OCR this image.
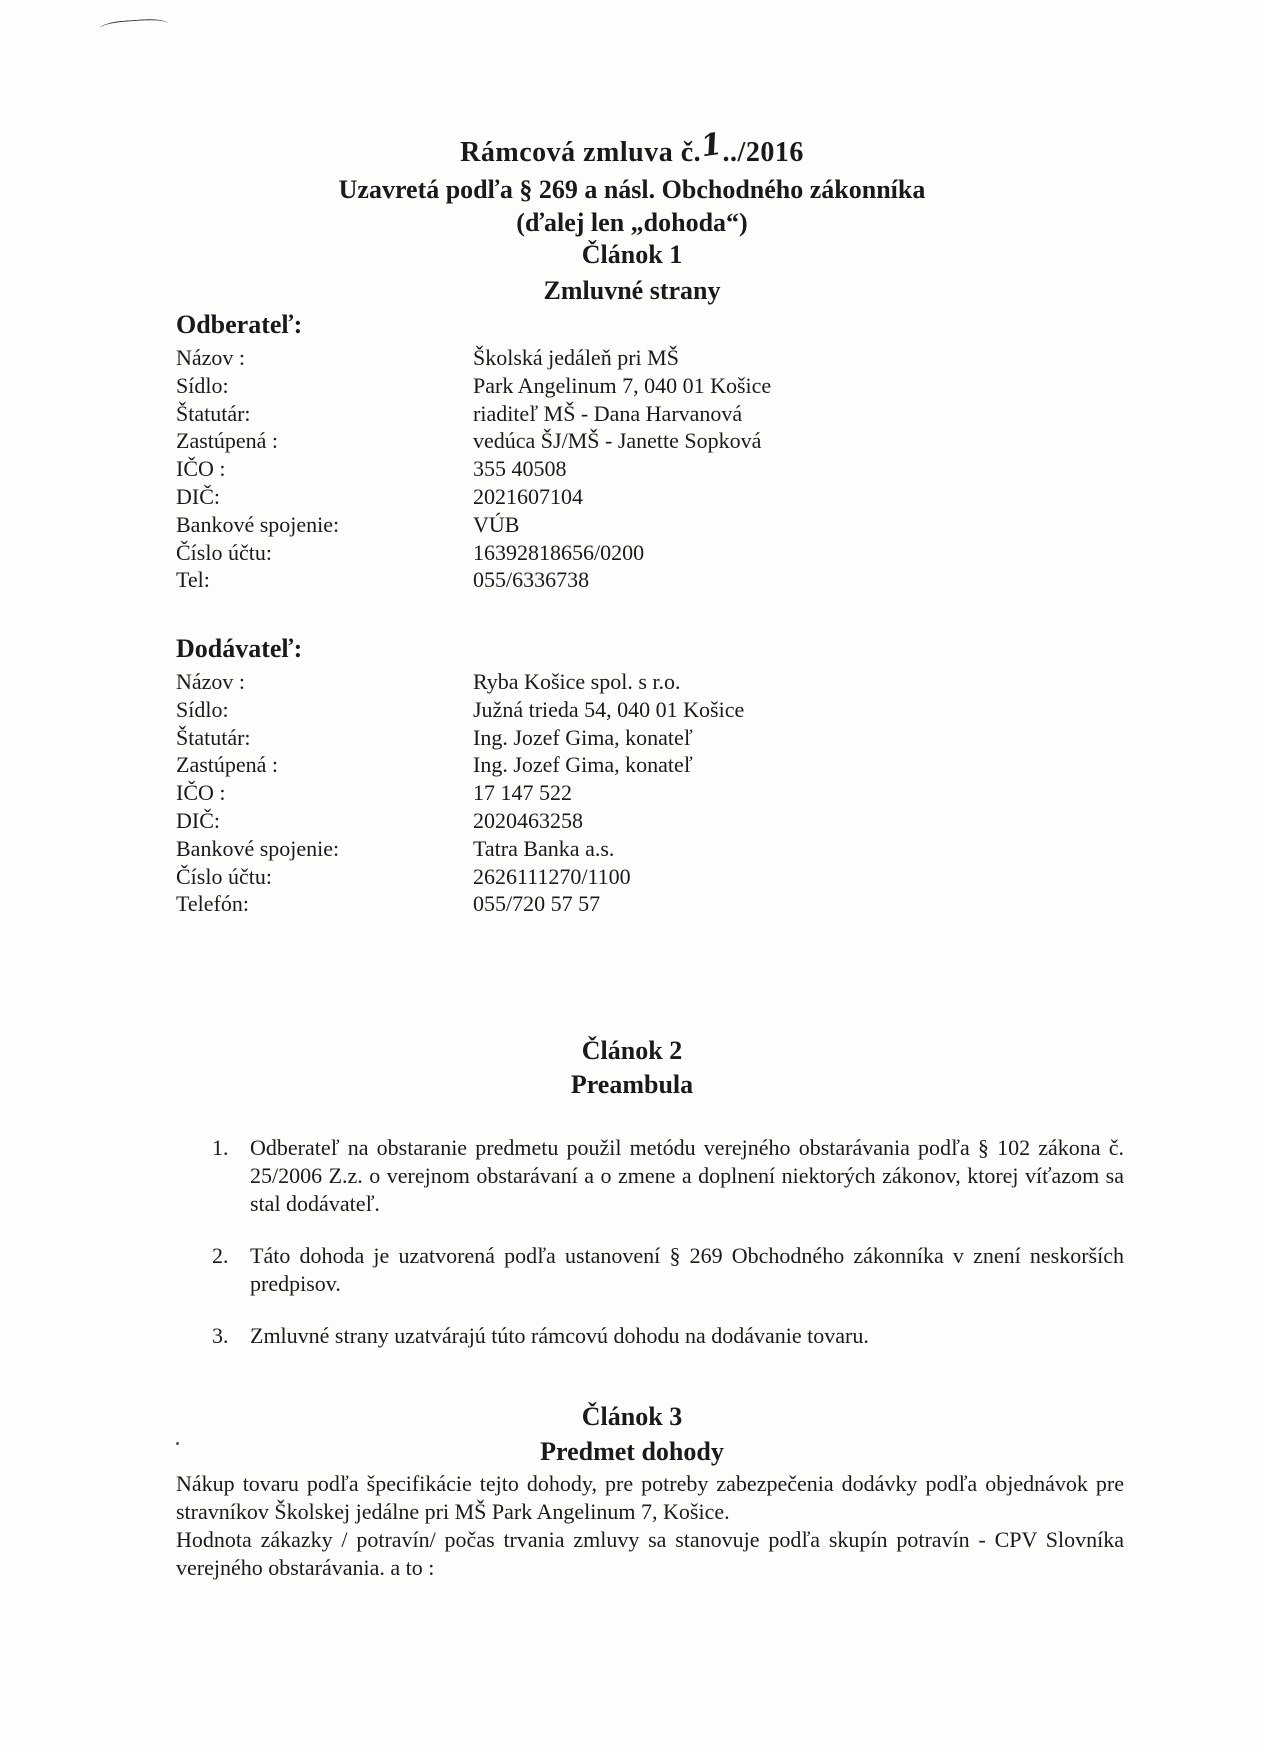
Rámcová zmluva č.1../2016
Uzavretá podľa § 269 a násl. Obchodného zákonníka
(ďalej len „dohoda“)
Článok 1
Zmluvné strany
Odberateľ:
Názov :	Školská jedáleň pri MŠ
Sídlo:	Park Angelinum 7, 040 01 Košice
Štatutár:	riaditeľ MŠ - Dana Harvanová
Zastúpená :	vedúca ŠJ/MŠ - Janette Sopková
IČO :	355 40508
DIČ:	2021607104
Bankové spojenie:	VÚB
Číslo účtu:	16392818656/0200
Tel:	055/6336738
Dodávateľ:
Názov :	Ryba Košice spol. s r.o.
Sídlo:	Južná trieda 54, 040 01 Košice
Štatutár:	Ing. Jozef Gima, konateľ
Zastúpená :	Ing. Jozef Gima, konateľ
IČO :	17 147 522
DIČ:	2020463258
Bankové spojenie:	Tatra Banka a.s.
Číslo účtu:	2626111270/1100
Telefón:	055/720 57 57
Článok 2
Preambula
1. Odberateľ na obstaranie predmetu použil metódu verejného obstarávania podľa § 102 zákona č. 25/2006 Z.z. o verejnom obstarávaní a o zmene a doplnení niektorých zákonov, ktorej víťazom sa stal dodávateľ.
2. Táto dohoda je uzatvorená podľa ustanovení § 269 Obchodného zákonníka v znení neskorších predpisov.
3. Zmluvné strany uzatvárajú túto rámcovú dohodu na dodávanie tovaru.
Článok 3
Predmet dohody
Nákup tovaru podľa špecifikácie tejto dohody, pre potreby zabezpečenia dodávky podľa objednávok pre stravníkov Školskej jedálne pri MŠ Park Angelinum 7, Košice.
Hodnota zákazky / potravín/ počas trvania zmluvy sa stanovuje podľa skupín potravín - CPV Slovníka verejného obstarávania. a to :
